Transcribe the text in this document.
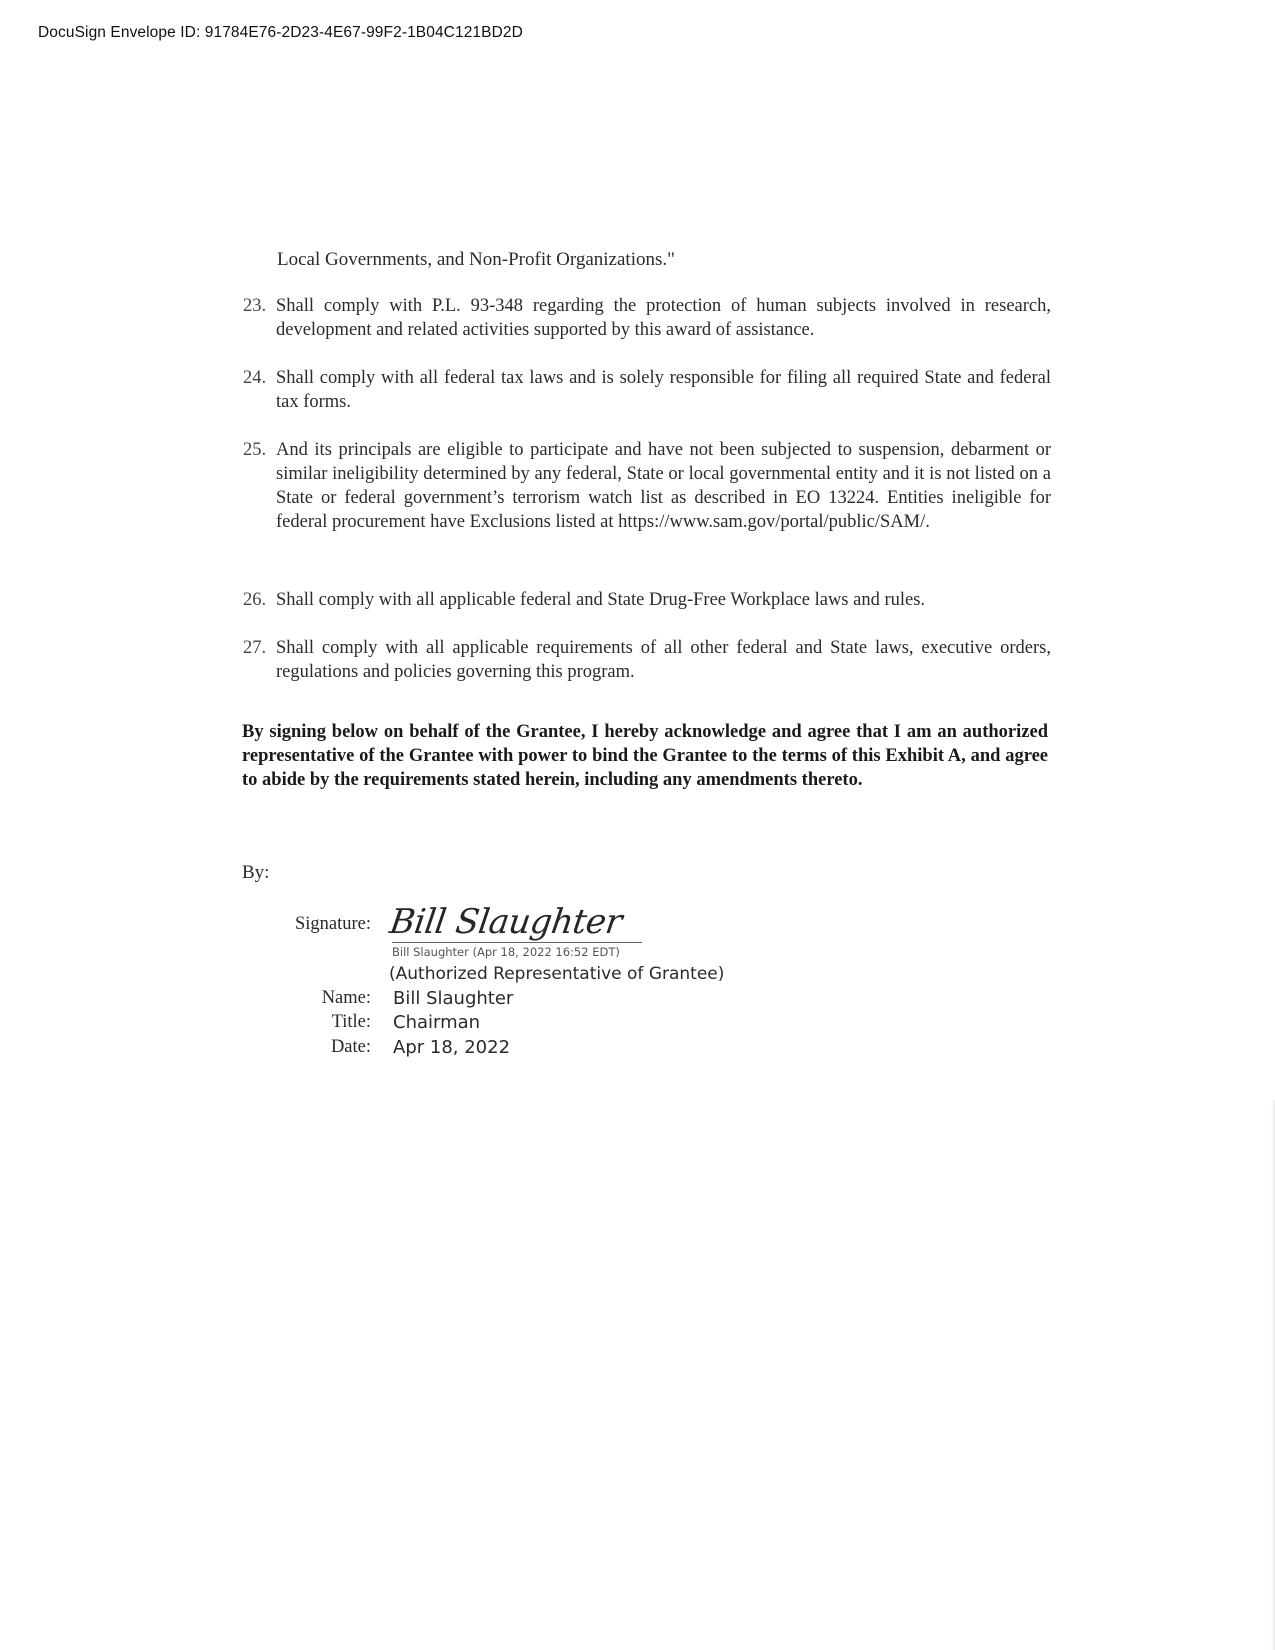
DocuSign Envelope ID: 91784E76-2D23-4E67-99F2-1B04C121BD2D
Local Governments, and Non-Profit Organizations."
23. Shall comply with P.L. 93-348 regarding the protection of human subjects involved in research, development and related activities supported by this award of assistance.
24. Shall comply with all federal tax laws and is solely responsible for filing all required State and federal tax forms.
25. And its principals are eligible to participate and have not been subjected to suspension, debarment or similar ineligibility determined by any federal, State or local governmental entity and it is not listed on a State or federal government’s terrorism watch list as described in EO 13224. Entities ineligible for federal procurement have Exclusions listed at https://www.sam.gov/portal/public/SAM/.
26. Shall comply with all applicable federal and State Drug-Free Workplace laws and rules.
27. Shall comply with all applicable requirements of all other federal and State laws, executive orders, regulations and policies governing this program.
By signing below on behalf of the Grantee, I hereby acknowledge and agree that I am an authorized representative of the Grantee with power to bind the Grantee to the terms of this Exhibit A, and agree to abide by the requirements stated herein, including any amendments thereto.
By:
Signature: Bill Slaughter
Bill Slaughter (Apr 18, 2022 16:52 EDT)
(Authorized Representative of Grantee)
Name: Bill Slaughter
Title: Chairman
Date: Apr 18, 2022
